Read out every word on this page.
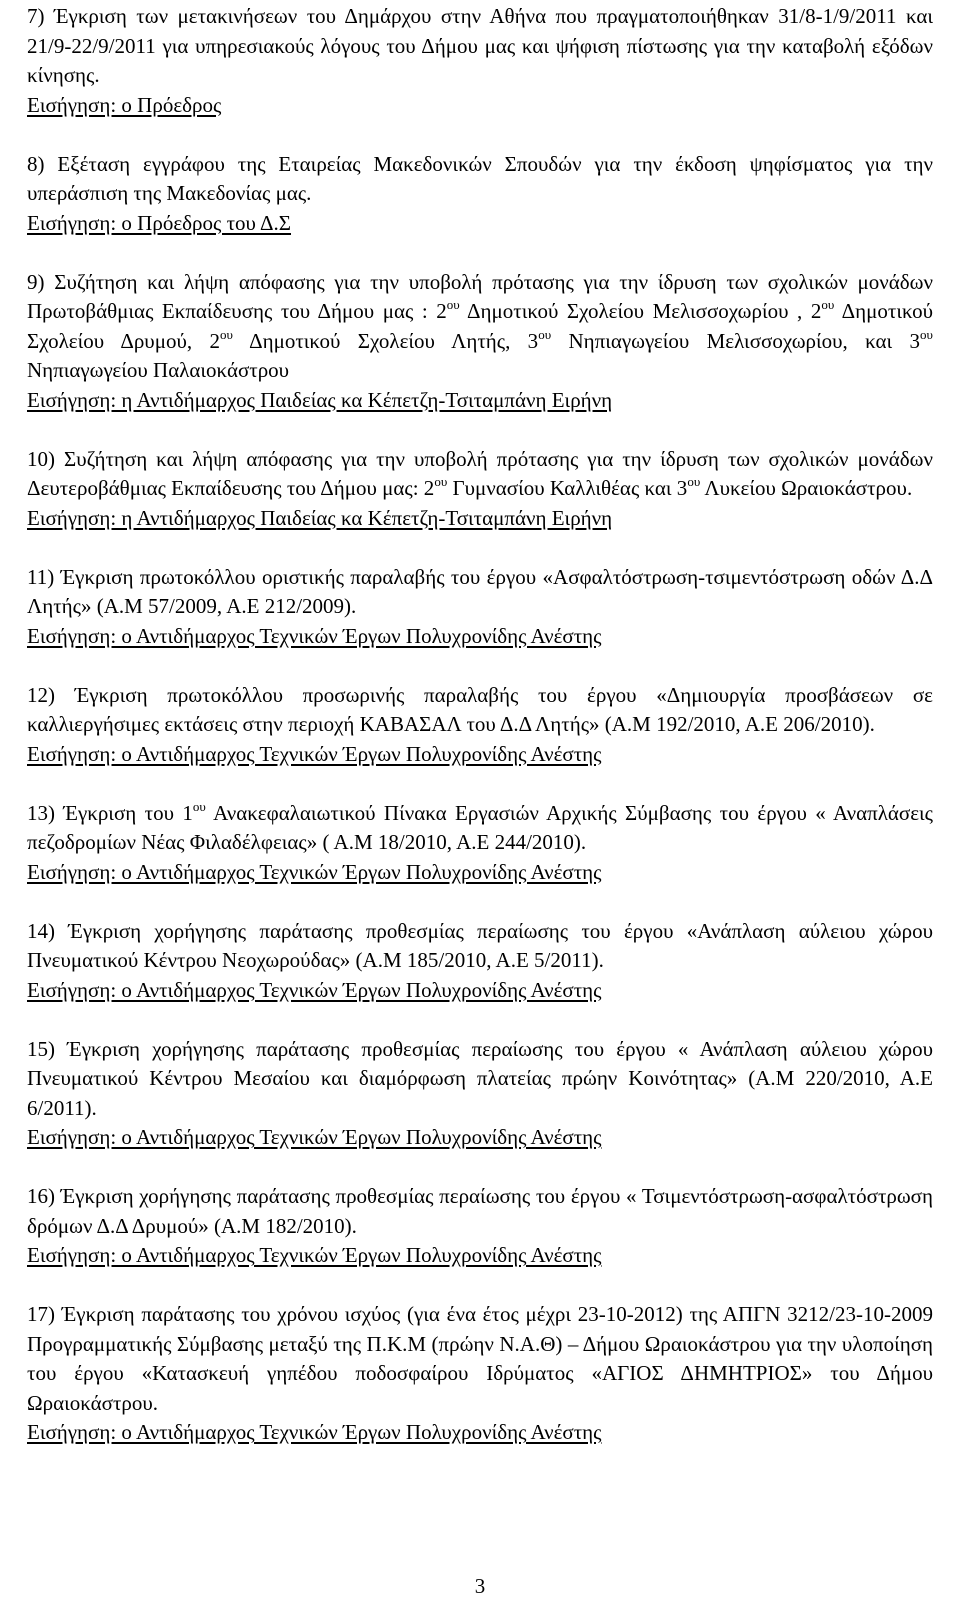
7) Έγκριση των μετακινήσεων του Δημάρχου στην Αθήνα που πραγματοποιήθηκαν 31/8-1/9/2011 και 21/9-22/9/2011 για υπηρεσιακούς λόγους του Δήμου μας και ψήφιση πίστωσης για την καταβολή εξόδων κίνησης.
Εισήγηση: ο Πρόεδρος
8) Εξέταση εγγράφου της Εταιρείας Μακεδονικών Σπουδών για την έκδοση ψηφίσματος για την υπεράσπιση της Μακεδονίας μας.
Εισήγηση: ο Πρόεδρος του Δ.Σ
9) Συζήτηση και λήψη απόφασης για την υποβολή πρότασης για την ίδρυση των σχολικών μονάδων Πρωτοβάθμιας Εκπαίδευσης του Δήμου μας : $2^{o\upsilon}$ Δημοτικού Σχολείου Μελισσοχωρίου , $2^{o\upsilon}$ Δημοτικού Σχολείου Δρυμού, $2^{o\upsilon}$ Δημοτικού Σχολείου Λητής, $3^{o\upsilon}$ Νηπιαγωγείου Μελισσοχωρίου, και $3^{o\upsilon}$ Νηπιαγωγείου Παλαιοκάστρου
Εισήγηση: η Αντιδήμαρχος Παιδείας κα Κέπετζη-Τσιταμπάνη Ειρήνη
10) Συζήτηση και λήψη απόφασης για την υποβολή πρότασης για την ίδρυση των σχολικών μονάδων Δευτεροβάθμιας Εκπαίδευσης του Δήμου μας: $2^{o\upsilon}$ Γυμνασίου Καλλιθέας και $3^{o\upsilon}$ Λυκείου Ωραιοκάστρου.
Εισήγηση: η Αντιδήμαρχος Παιδείας κα Κέπετζη-Τσιταμπάνη Ειρήνη
11) Έγκριση πρωτοκόλλου οριστικής παραλαβής του έργου «Ασφαλτόστρωση-τσιμεντόστρωση οδών Δ.Δ Λητής» (Α.Μ 57/2009, Α.Ε 212/2009).
Εισήγηση: ο Αντιδήμαρχος Τεχνικών Έργων Πολυχρονίδης Ανέστης
12) Έγκριση πρωτοκόλλου προσωρινής παραλαβής του έργου «Δημιουργία προσβάσεων σε καλλιεργήσιμες εκτάσεις στην περιοχή ΚΑΒΑΣΑΛ του Δ.Δ Λητής» (Α.Μ 192/2010, Α.Ε 206/2010).
Εισήγηση: ο Αντιδήμαρχος Τεχνικών Έργων Πολυχρονίδης Ανέστης
13) Έγκριση του $1^{o\upsilon}$ Ανακεφαλαιωτικού Πίνακα Εργασιών Αρχικής Σύμβασης του έργου « Αναπλάσεις πεζοδρομίων Νέας Φιλαδέλφειας» ( Α.Μ 18/2010, Α.Ε 244/2010).
Εισήγηση: ο Αντιδήμαρχος Τεχνικών Έργων Πολυχρονίδης Ανέστης
14) Έγκριση χορήγησης παράτασης προθεσμίας περαίωσης του έργου «Ανάπλαση αύλειου χώρου Πνευματικού Κέντρου Νεοχωρούδας» (Α.Μ 185/2010, Α.Ε 5/2011).
Εισήγηση: ο Αντιδήμαρχος Τεχνικών Έργων Πολυχρονίδης Ανέστης
15) Έγκριση χορήγησης παράτασης προθεσμίας περαίωσης του έργου « Ανάπλαση αύλειου χώρου Πνευματικού Κέντρου Μεσαίου και διαμόρφωση πλατείας πρώην Κοινότητας» (Α.Μ 220/2010, Α.Ε 6/2011).
Εισήγηση: ο Αντιδήμαρχος Τεχνικών Έργων Πολυχρονίδης Ανέστης
16) Έγκριση χορήγησης παράτασης προθεσμίας περαίωσης του έργου « Τσιμεντόστρωση-ασφαλτόστρωση δρόμων Δ.Δ Δρυμού» (Α.Μ 182/2010).
Εισήγηση: ο Αντιδήμαρχος Τεχνικών Έργων Πολυχρονίδης Ανέστης
17) Έγκριση παράτασης του χρόνου ισχύος (για ένα έτος μέχρι 23-10-2012) της ΑΠΓΝ 3212/23-10-2009 Προγραμματικής Σύμβασης μεταξύ της Π.Κ.Μ (πρώην Ν.Α.Θ) – Δήμου Ωραιοκάστρου για την υλοποίηση του έργου «Κατασκευή γηπέδου ποδοσφαίρου Ιδρύματος «ΑΓΙΟΣ ΔΗΜΗΤΡΙΟΣ» του Δήμου Ωραιοκάστρου.
Εισήγηση: ο Αντιδήμαρχος Τεχνικών Έργων Πολυχρονίδης Ανέστης
3
